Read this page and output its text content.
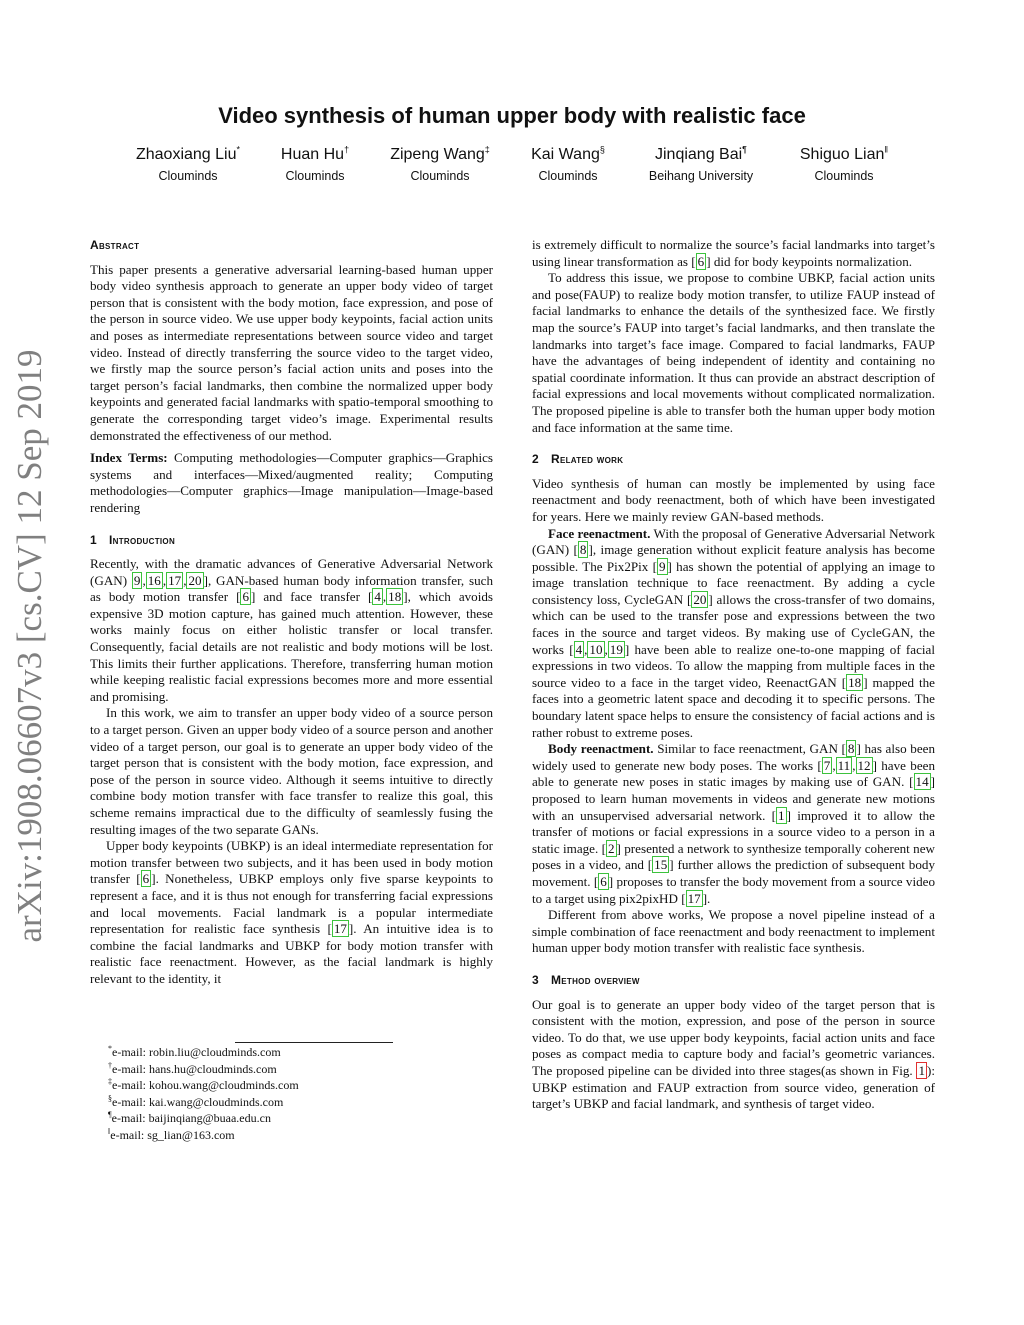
Video synthesis of human upper body with realistic face
Zhaoxiang Liu*
Clouminds
Huan Hu†
Clouminds
Zipeng Wang‡
Clouminds
Kai Wang§
Clouminds
Jinqiang Bai¶
Beihang University
Shiguo Lian‖
Clouminds
arXiv:1908.06607v3 [cs.CV] 12 Sep 2019
Abstract

This paper presents a generative adversarial learning-based human upper body video synthesis approach to generate an upper body video of target person that is consistent with the body motion, face expression, and pose of the person in source video. We use upper body keypoints, facial action units and poses as intermediate representations between source video and target video. Instead of directly transferring the source video to the target video, we firstly map the source person’s facial action units and poses into the target person’s facial landmarks, then combine the normalized upper body keypoints and generated facial landmarks with spatio-temporal smoothing to generate the corresponding target video’s image. Experimental results demonstrated the effectiveness of our method.

Index Terms: Computing methodologies—Computer graphics—Graphics systems and interfaces—Mixed/augmented reality; Computing methodologies—Computer graphics—Image manipulation—Image-based rendering

1 Introduction

Recently, with the dramatic advances of Generative Adversarial Network (GAN) 9 , 16 , 17 , 20 ], GAN-based human body information transfer, such as body motion transfer [ 6 ] and face transfer [ 4 , 18 ], which avoids expensive 3D motion capture, has gained much attention. However, these works mainly focus on either holistic transfer or local transfer. Consequently, facial details are not realistic and body motions will be lost. This limits their further applications. Therefore, transferring human motion while keeping realistic facial expressions becomes more and more essential and promising.

In this work, we aim to transfer an upper body video of a source person to a target person. Given an upper body video of a source person and another video of a target person, our goal is to generate an upper body video of the target person that is consistent with the body motion, face expression, and pose of the person in source video. Although it seems intuitive to directly combine body motion transfer with face transfer to realize this goal, this scheme remains impractical due to the difficulty of seamlessly fusing the resulting images of the two separate GANs.

Upper body keypoints (UBKP) is an ideal intermediate representation for motion transfer between two subjects, and it has been used in body motion transfer [ 6 ]. Nonetheless, UBKP employs only five sparse keypoints to represent a face, and it is thus not enough for transferring facial expressions and local movements. Facial landmark is a popular intermediate representation for realistic face synthesis [ 17 ]. An intuitive idea is to combine the facial landmarks and UBKP for body motion transfer with realistic face reenactment. However, as the facial landmark is highly relevant to the identity, it

*e-mail: robin.liu@cloudminds.com
†e-mail: hans.hu@cloudminds.com
‡e-mail: kohou.wang@cloudminds.com
§e-mail: kai.wang@cloudminds.com
¶e-mail: baijinqiang@buaa.edu.cn
‖e-mail: sg_lian@163.com

is extremely difficult to normalize the source’s facial landmarks into target’s using linear transformation as [ 6 ] did for body keypoints normalization.

To address this issue, we propose to combine UBKP, facial action units and pose(FAUP) to realize body motion transfer, to utilize FAUP instead of facial landmarks to enhance the details of the synthesized face. We firstly map the source’s FAUP into target’s facial landmarks, and then translate the landmarks into target’s face image. Compared to facial landmarks, FAUP have the advantages of being independent of identity and containing no spatial coordinate information. It thus can provide an abstract description of facial expressions and local movements without complicated normalization. The proposed pipeline is able to transfer both the human upper body motion and face information at the same time.

2 Related work

Video synthesis of human can mostly be implemented by using face reenactment and body reenactment, both of which have been investigated for years. Here we mainly review GAN-based methods.

Face reenactment. With the proposal of Generative Adversarial Network (GAN) [ 8 ], image generation without explicit feature analysis has become possible. The Pix2Pix [ 9 ] has shown the potential of applying an image to image translation technique to face reenactment. By adding a cycle consistency loss, CycleGAN [ 20 ] allows the cross-transfer of two domains, which can be used to the transfer pose and expressions between the two faces in the source and target videos. By making use of CycleGAN, the works [ 4 , 10 , 19 ] have been able to realize one-to-one mapping of facial expressions in two videos. To allow the mapping from multiple faces in the source video to a face in the target video, ReenactGAN [ 18 ] mapped the faces into a geometric latent space and decoding it to specific persons. The boundary latent space helps to ensure the consistency of facial actions and is rather robust to extreme poses.

Body reenactment. Similar to face reenactment, GAN [ 8 ] has also been widely used to generate new body poses. The works [ 7 , 11 , 12 ] have been able to generate new poses in static images by making use of GAN. [ 14 ] proposed to learn human movements in videos and generate new motions with an unsupervised adversarial network. [ 1 ] improved it to allow the transfer of motions or facial expressions in a source video to a person in a static image. [ 2 ] presented a network to synthesize temporally coherent new poses in a video, and [ 15 ] further allows the prediction of subsequent body movement. [ 6 ] proposes to transfer the body movement from a source video to a target using pix2pixHD [ 17 ].

Different from above works, We propose a novel pipeline instead of a simple combination of face reenactment and body reenactment to implement human upper body motion transfer with realistic face synthesis.

3 Method overview

Our goal is to generate an upper body video of the target person that is consistent with the motion, expression, and pose of the person in source video. To do that, we use upper body keypoints, facial action units and face poses as compact media to capture body and facial’s geometric variances. The proposed pipeline can be divided into three stages(as shown in Fig. 1 ): UBKP estimation and FAUP extraction from source video, generation of target’s UBKP and facial landmark, and synthesis of target video.
